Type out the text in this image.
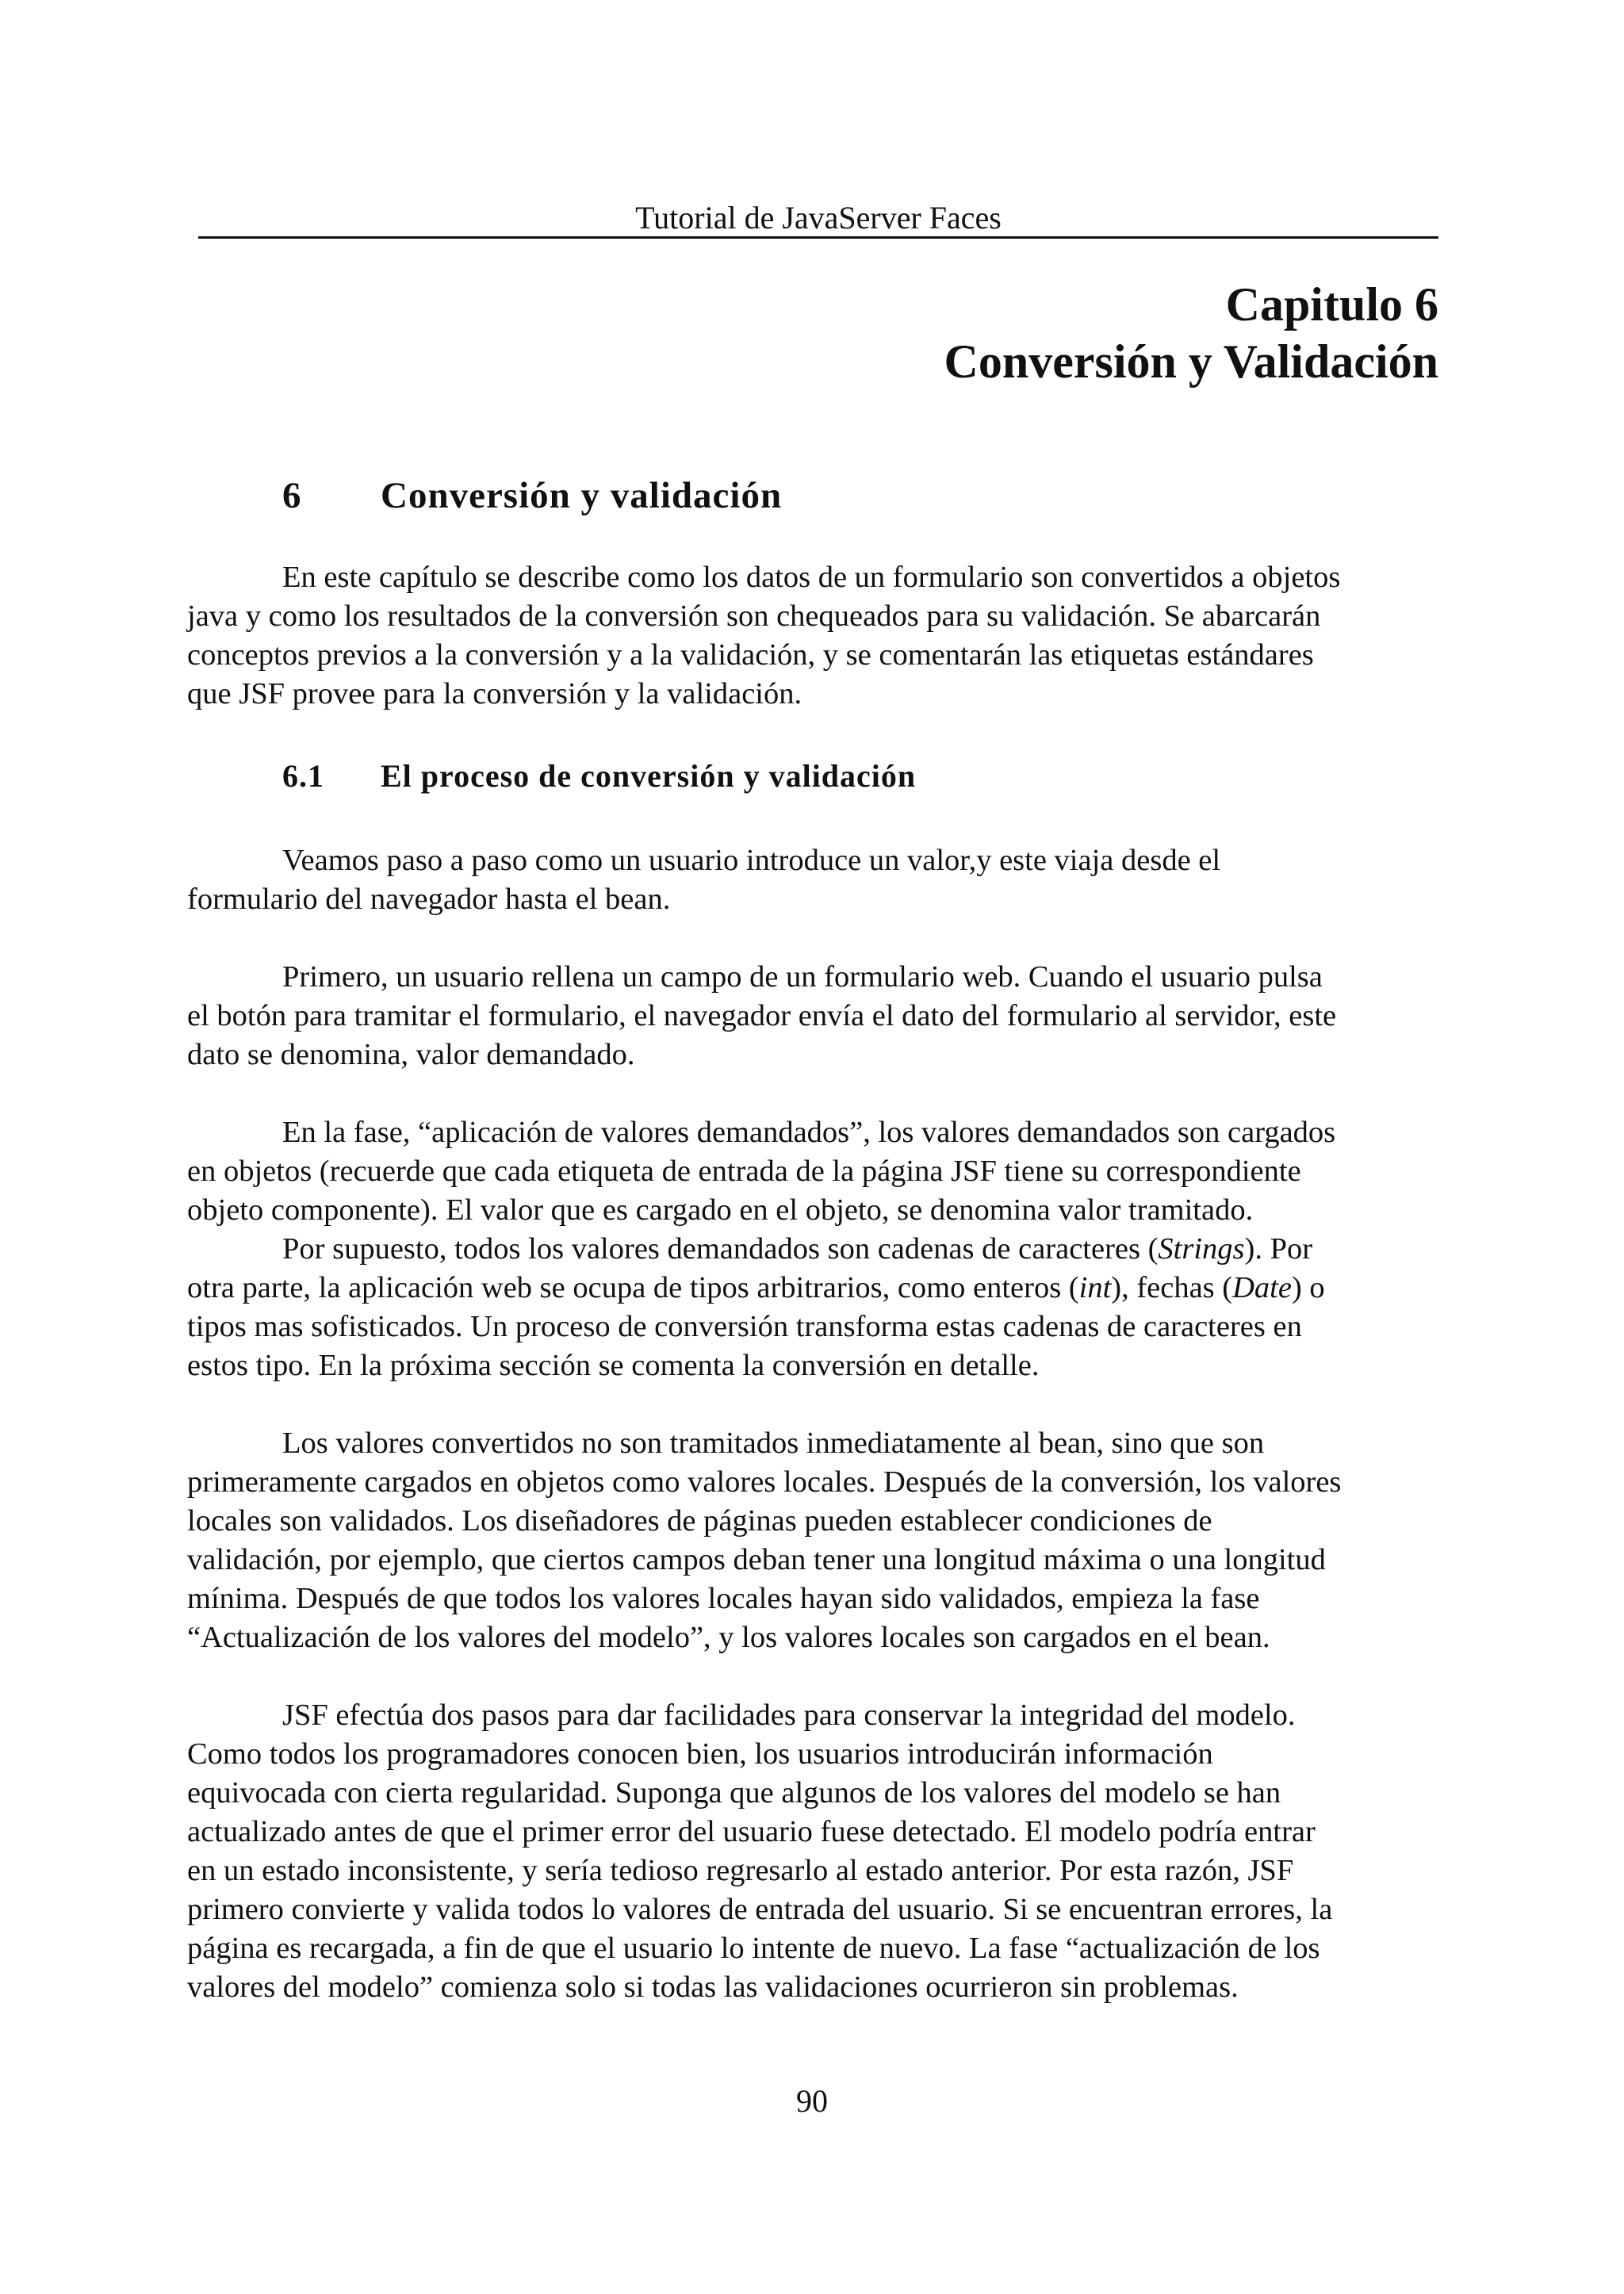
Tutorial de JavaServer Faces
Capitulo 6
Conversión y Validación
6 Conversión y validación
6.1 El proceso de conversión y validación
En este capítulo se describe como los datos de un formulario son convertidos a objetos
java y como los resultados de la conversión son chequeados para su validación. Se abarcarán
conceptos previos a la conversión y a la validación, y se comentarán las etiquetas estándares
que JSF provee para la conversión y la validación.
Veamos paso a paso como un usuario introduce un valor,y este viaja desde el
formulario del navegador hasta el bean.
Primero, un usuario rellena un campo de un formulario web. Cuando el usuario pulsa
el botón para tramitar el formulario, el navegador envía el dato del formulario al servidor, este
dato se denomina, valor demandado.
En la fase, “aplicación de valores demandados”, los valores demandados son cargados
en objetos (recuerde que cada etiqueta de entrada de la página JSF tiene su correspondiente
objeto componente). El valor que es cargado en el objeto, se denomina valor tramitado.
Por supuesto, todos los valores demandados son cadenas de caracteres (Strings). Por
otra parte, la aplicación web se ocupa de tipos arbitrarios, como enteros (int), fechas (Date) o
tipos mas sofisticados. Un proceso de conversión transforma estas cadenas de caracteres en
estos tipo. En la próxima sección se comenta la conversión en detalle.
Los valores convertidos no son tramitados inmediatamente al bean, sino que son
primeramente cargados en objetos como valores locales. Después de la conversión, los valores
locales son validados. Los diseñadores de páginas pueden establecer condiciones de
validación, por ejemplo, que ciertos campos deban tener una longitud máxima o una longitud
mínima. Después de que todos los valores locales hayan sido validados, empieza la fase
“Actualización de los valores del modelo”, y los valores locales son cargados en el bean.
JSF efectúa dos pasos para dar facilidades para conservar la integridad del modelo.
Como todos los programadores conocen bien, los usuarios introducirán información
equivocada con cierta regularidad. Suponga que algunos de los valores del modelo se han
actualizado antes de que el primer error del usuario fuese detectado. El modelo podría entrar
en un estado inconsistente, y sería tedioso regresarlo al estado anterior. Por esta razón, JSF
primero convierte y valida todos lo valores de entrada del usuario. Si se encuentran errores, la
página es recargada, a fin de que el usuario lo intente de nuevo. La fase “actualización de los
valores del modelo” comienza solo si todas las validaciones ocurrieron sin problemas.
90
